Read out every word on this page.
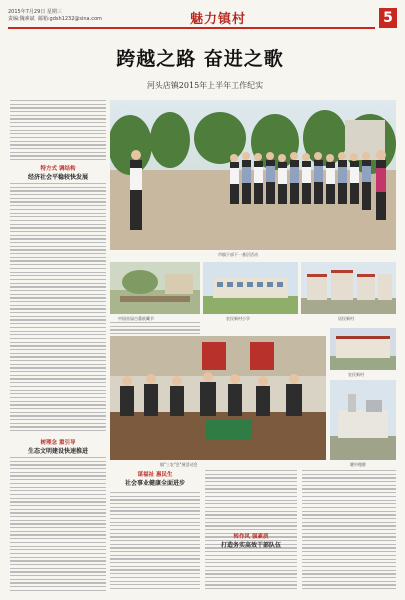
2015年7月29日 星期三
责编:魏素斌  邮箱:gdsh1232@sina.com	魅力镇村	5
跨越之路 奋进之歌
河头店镇2015年上半年工作纪实
特方式 调结构
经济社会平稳较快发展
树理念 重引导
生态文明建设快速推进
市镇干部下一基层活动
中国首届古董收藏节	农民新村小学	居民新村
农民新村
镇"三农"会"展活动会	暖中理群
谋福祉 惠民生
社会事业健康全面进步
转作风 强素质
打造务实高效干部队伍
